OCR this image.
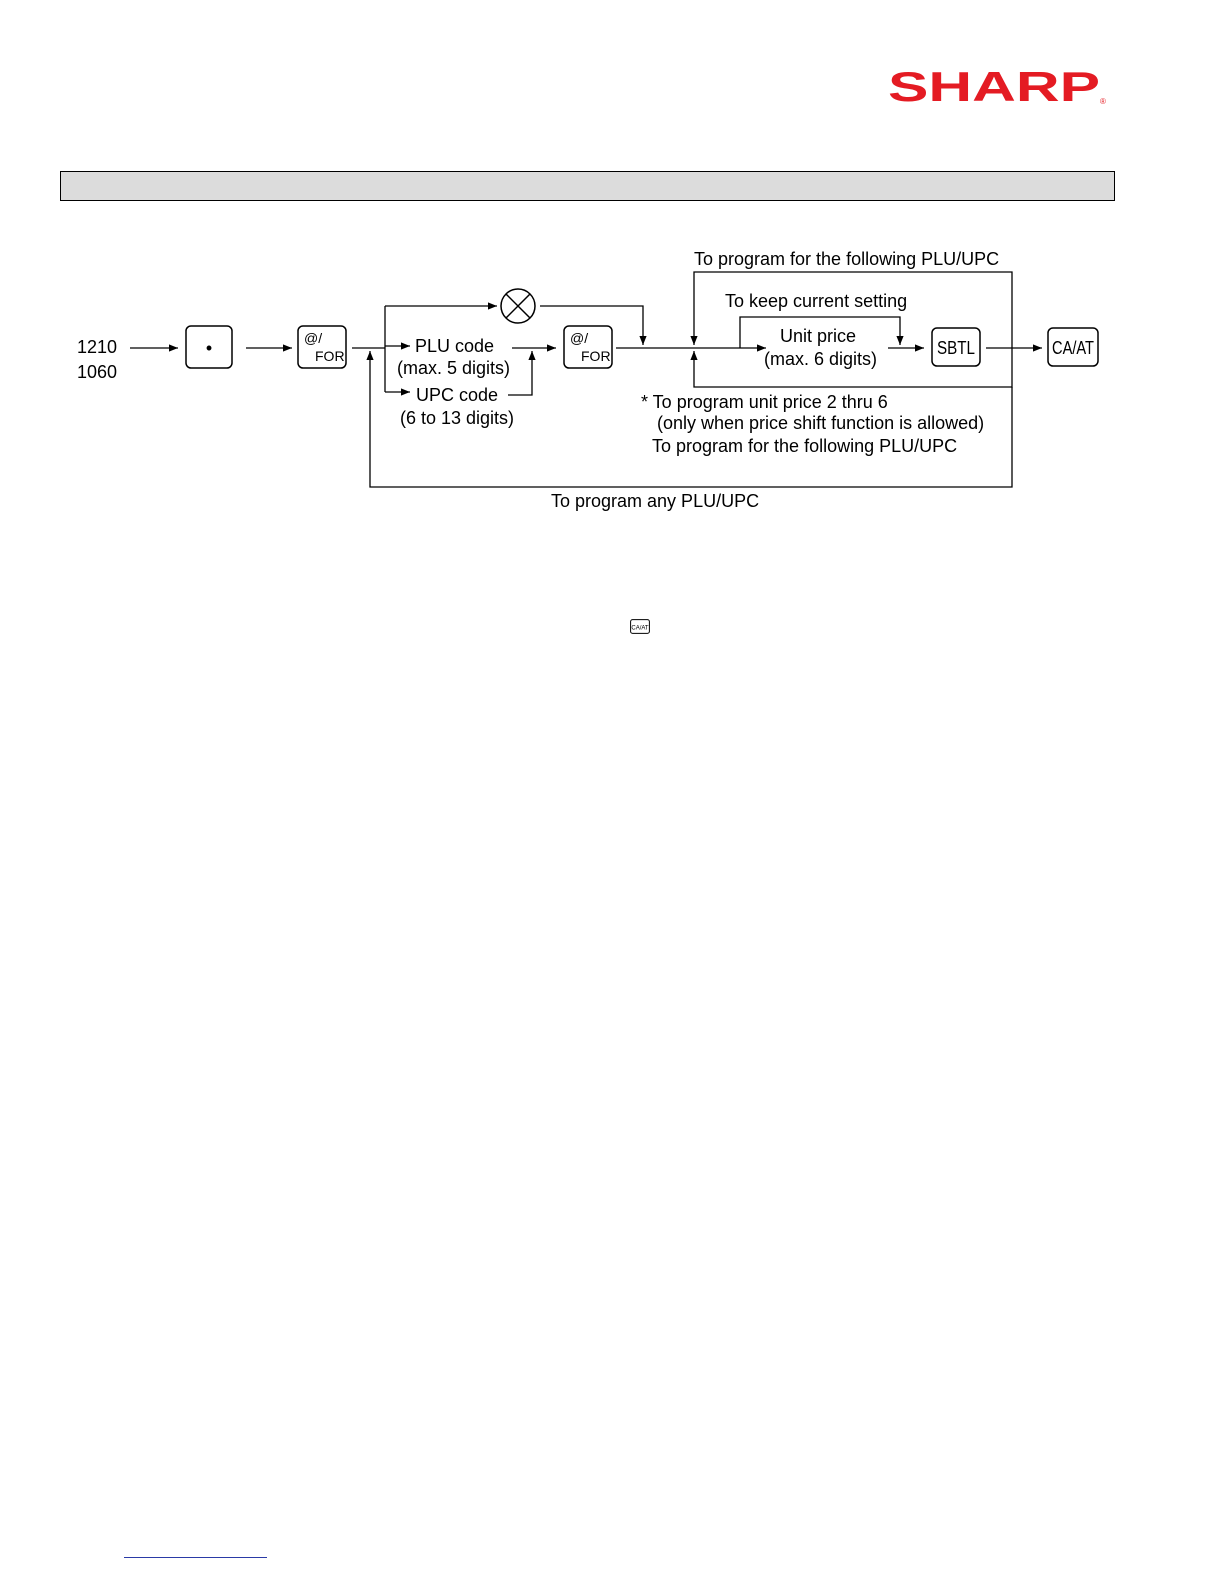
SHARP ®
•	@/
FOR
@/
FOR	SBTL	CA/AT
1210
1060
PLU code
(max. 5 digits)
UPC code
(6 to 13 digits)
Unit price
(max. 6 digits)
To program for the following PLU/UPC
To keep current setting
* To program unit price 2 thru 6
(only when price shift function is allowed)
To program for the following PLU/UPC
To program any PLU/UPC
CA/AT
